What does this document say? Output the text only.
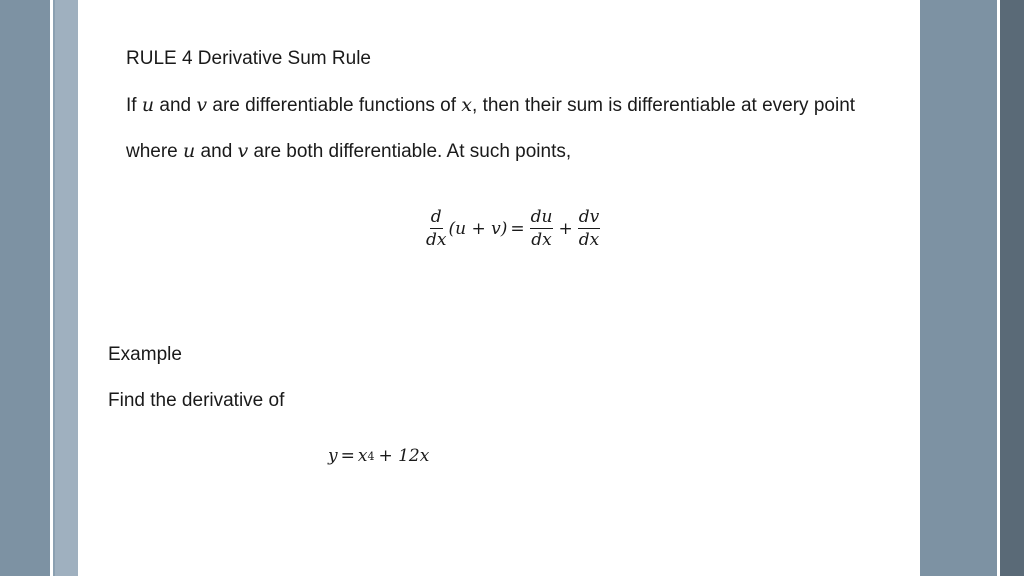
RULE 4 Derivative Sum Rule
If u and v are differentiable functions of x, then their sum is differentiable at every point
where u and v are both differentiable. At such points,
$\frac{d}{dx} (u + v) = \frac{du}{dx} + \frac{dv}{dx}$
Example
Find the derivative of
y = x 4 + 12x
